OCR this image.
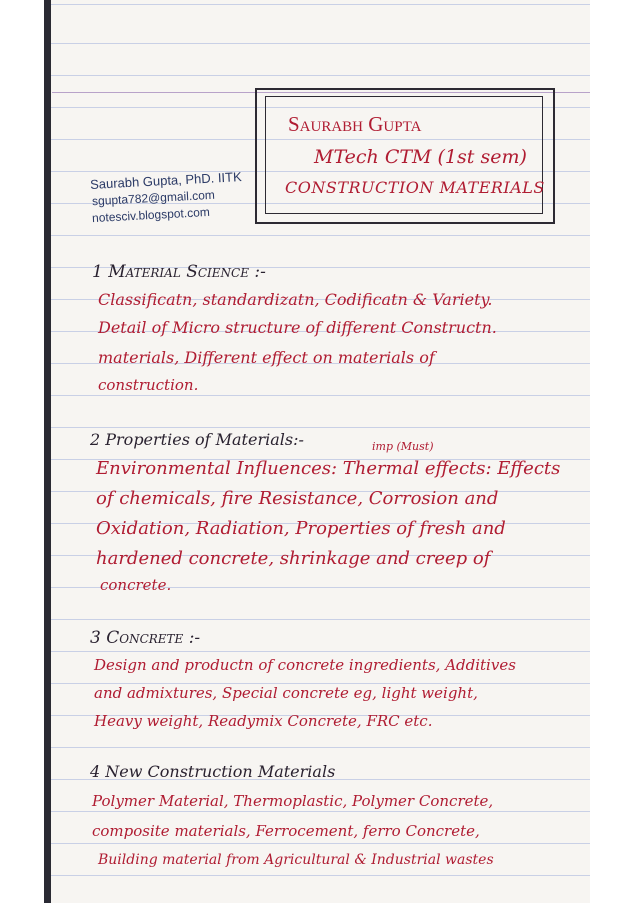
Saurabh Gupta, PhD. IITK
sgupta782@gmail.com
notesciv.blogspot.com
Saurabh Gupta
MTech CTM (1st sem)
CONSTRUCTION MATERIALS
1 Material Science :-
Classificatn, standardizatn, Codificatn & Variety.
Detail of Micro structure of different Constructn.
materials, Different effect on materials of
construction.
2 Properties of Materials:-	imp (Must)
Environmental Influences: Thermal effects: Effects
of chemicals, fire Resistance, Corrosion and
Oxidation, Radiation, Properties of fresh and
hardened concrete, shrinkage and creep of
concrete.
3 Concrete :-
Design and productn of concrete ingredients, Additives
and admixtures, Special concrete eg, light weight,
Heavy weight, Readymix Concrete, FRC etc.
4 New Construction Materials
Polymer Material, Thermoplastic, Polymer Concrete,
composite materials, Ferrocement, ferro Concrete,
Building material from Agricultural & Industrial wastes
